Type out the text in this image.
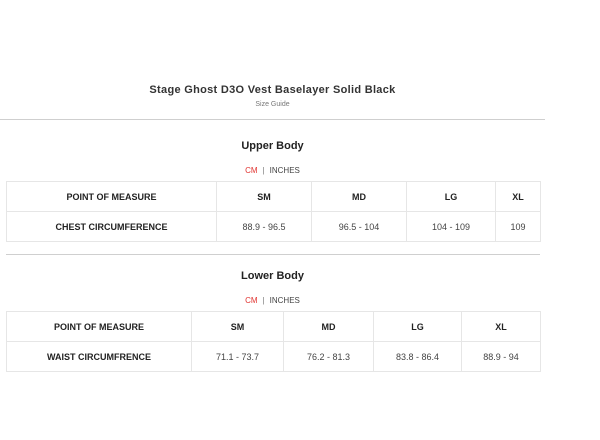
Stage Ghost D3O Vest Baselayer Solid Black
Size Guide
Upper Body
CM | INCHES
POINT OF MEASURE	SM	MD	LG	XL
CHEST CIRCUMFERENCE	88.9 - 96.5	96.5 - 104	104 - 109	109
Lower Body
CM | INCHES
POINT OF MEASURE	SM	MD	LG	XL
WAIST CIRCUMFRENCE	71.1 - 73.7	76.2 - 81.3	83.8 - 86.4	88.9 - 94
